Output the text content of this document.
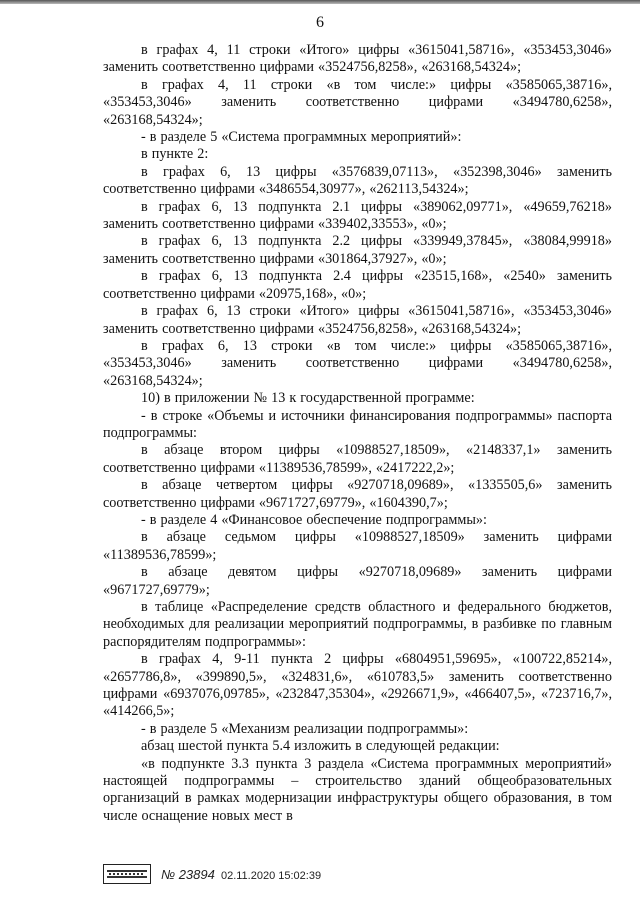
6

в графах 4, 11 строки «Итого» цифры «3615041,58716», «353453,3046» заменить соответственно цифрами «3524756,8258», «263168,54324»;

в графах 4, 11 строки «в том числе:» цифры «3585065,38716», «353453,3046» заменить соответственно цифрами «3494780,6258», «263168,54324»;

- в разделе 5 «Система программных мероприятий»:

в пункте 2:

в графах 6, 13 цифры «3576839,07113», «352398,3046» заменить соответственно цифрами «3486554,30977», «262113,54324»;

в графах 6, 13 подпункта 2.1 цифры «389062,09771», «49659,76218» заменить соответственно цифрами «339402,33553», «0»;

в графах 6, 13 подпункта 2.2 цифры «339949,37845», «38084,99918» заменить соответственно цифрами «301864,37927», «0»;

в графах 6, 13 подпункта 2.4 цифры «23515,168», «2540» заменить соответственно цифрами «20975,168», «0»;

в графах 6, 13 строки «Итого» цифры «3615041,58716», «353453,3046» заменить соответственно цифрами «3524756,8258», «263168,54324»;

в графах 6, 13 строки «в том числе:» цифры «3585065,38716», «353453,3046» заменить соответственно цифрами «3494780,6258», «263168,54324»;

10) в приложении № 13 к государственной программе:

- в строке «Объемы и источники финансирования подпрограммы» паспорта подпрограммы:

в абзаце втором цифры «10988527,18509», «2148337,1» заменить соответственно цифрами «11389536,78599», «2417222,2»;

в абзаце четвертом цифры «9270718,09689», «1335505,6» заменить соответственно цифрами «9671727,69779», «1604390,7»;

- в разделе 4 «Финансовое обеспечение подпрограммы»:

в абзаце седьмом цифры «10988527,18509» заменить цифрами «11389536,78599»;

в абзаце девятом цифры «9270718,09689» заменить цифрами «9671727,69779»;

в таблице «Распределение средств областного и федерального бюджетов, необходимых для реализации мероприятий подпрограммы, в разбивке по главным распорядителям подпрограммы»:

в графах 4, 9-11 пункта 2 цифры «6804951,59695», «100722,85214», «2657786,8», «399890,5», «324831,6», «610783,5» заменить соответственно цифрами «6937076,09785», «232847,35304», «2926671,9», «466407,5», «723716,7», «414266,5»;

- в разделе 5 «Механизм реализации подпрограммы»:

абзац шестой пункта 5.4 изложить в следующей редакции:

«в подпункте 3.3 пункта 3 раздела «Система программных мероприятий» настоящей подпрограммы – строительство зданий общеобразовательных организаций в рамках модернизации инфраструктуры общего образования, в том числе оснащение новых мест в

№ 23894 02.11.2020 15:02:39
